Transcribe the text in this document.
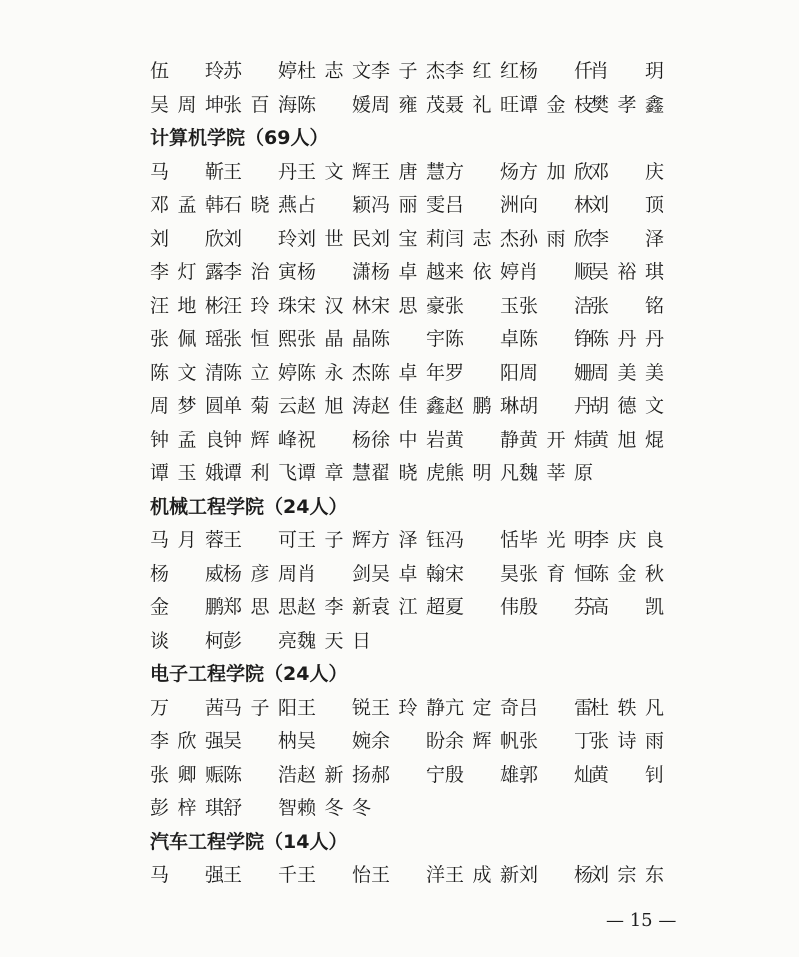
伍 玲 苏 婷 杜 志 文 李 子 杰 李 红 红 杨 仟
肖 玥
吴 周 坤 张 百 海 陈 媛 周 雍 茂 聂 礼 旺 谭 金 枝
樊 孝 鑫
计算机学院（69人）
马 靳 王 丹 王 文 辉 王 唐 慧 方 炀 方 加 欣
邓 庆
邓 孟 韩 石 晓 燕 占 颖 冯 丽 雯 吕 洲 向 林
刘 顶
刘 欣 刘 玲 刘 世 民 刘 宝 莉 闫 志 杰 孙 雨 欣
李 泽
李 灯 露 李 治 寅 杨 潇 杨 卓 越 来 依 婷 肖 顺
吴 裕 琪
汪 地 彬 汪 玲 珠 宋 汉 林 宋 思 豪 张 玉 张 洁
张 铭
张 佩 瑶 张 恒 熙 张 晶 晶 陈 宇 陈 卓 陈 铮
陈 丹 丹
陈 文 清 陈 立 婷 陈 永 杰 陈 卓 年 罗 阳 周 姗
周 美 美
周 梦 圆 单 菊 云 赵 旭 涛 赵 佳 鑫 赵 鹏 琳 胡 丹
胡 德 文
钟 孟 良 钟 辉 峰 祝 杨 徐 中 岩 黄 静 黄 开 炜
黄 旭 焜
谭 玉 娥 谭 利 飞 谭 章 慧 翟 晓 虎 熊 明 凡 魏 莘 原
机械工程学院（24人）
马 月 蓉 王 可 王 子 辉 方 泽 钰 冯 恬 毕 光 明
李 庆 良
杨 威 杨 彦 周 肖 剑 吴 卓 翰 宋 昊 张 育 恒
陈 金 秋
金 鹏 郑 思 思 赵 李 新 袁 江 超 夏 伟 殷 芬
高 凯
谈 柯 彭 亮 魏 天 日
电子工程学院（24人）
万 茜 马 子 阳 王 锐 王 玲 静 亢 定 奇 吕 雷
杜 轶 凡
李 欣 强 吴 枘 吴 婉 余 盼 余 辉 帆 张 丁
张 诗 雨
张 卿 赈 陈 浩 赵 新 扬 郝 宁 殷 雄 郭 灿
黄 钊
彭 梓 琪 舒 智 赖 冬 冬
汽车工程学院（14人）
马 强 王 千 王 怡 王 洋 王 成 新 刘 杨
刘 宗 东
— 15 —
